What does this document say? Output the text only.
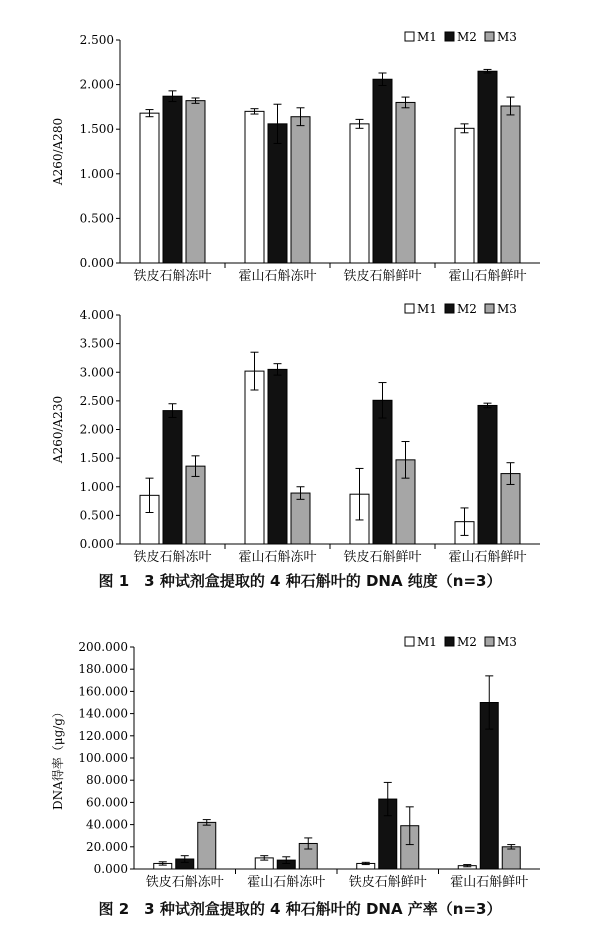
0.000
0.500
1.000
1.500
2.000
2.500
A260/A280
铁皮石斛冻叶 霍山石斛冻叶 铁皮石斛鲜叶 霍山石斛鲜叶
M1 M2 M3
0.000
0.500
1.000
1.500
2.000
2.500
3.000
3.500
4.000
A260/A230
铁皮石斛冻叶 霍山石斛冻叶 铁皮石斛鲜叶 霍山石斛鲜叶
M1 M2 M3
图 1　3 种试剂盒提取的 4 种石斛叶的 DNA 纯度（n=3）
0.000
20.000
40.000
60.000
80.000
100.000
120.000
140.000
160.000
180.000
200.000
DNA得率（μg/g）
铁皮石斛冻叶 霍山石斛冻叶 铁皮石斛鲜叶 霍山石斛鲜叶
M1 M2 M3
图 2　3 种试剂盒提取的 4 种石斛叶的 DNA 产率（n=3）
